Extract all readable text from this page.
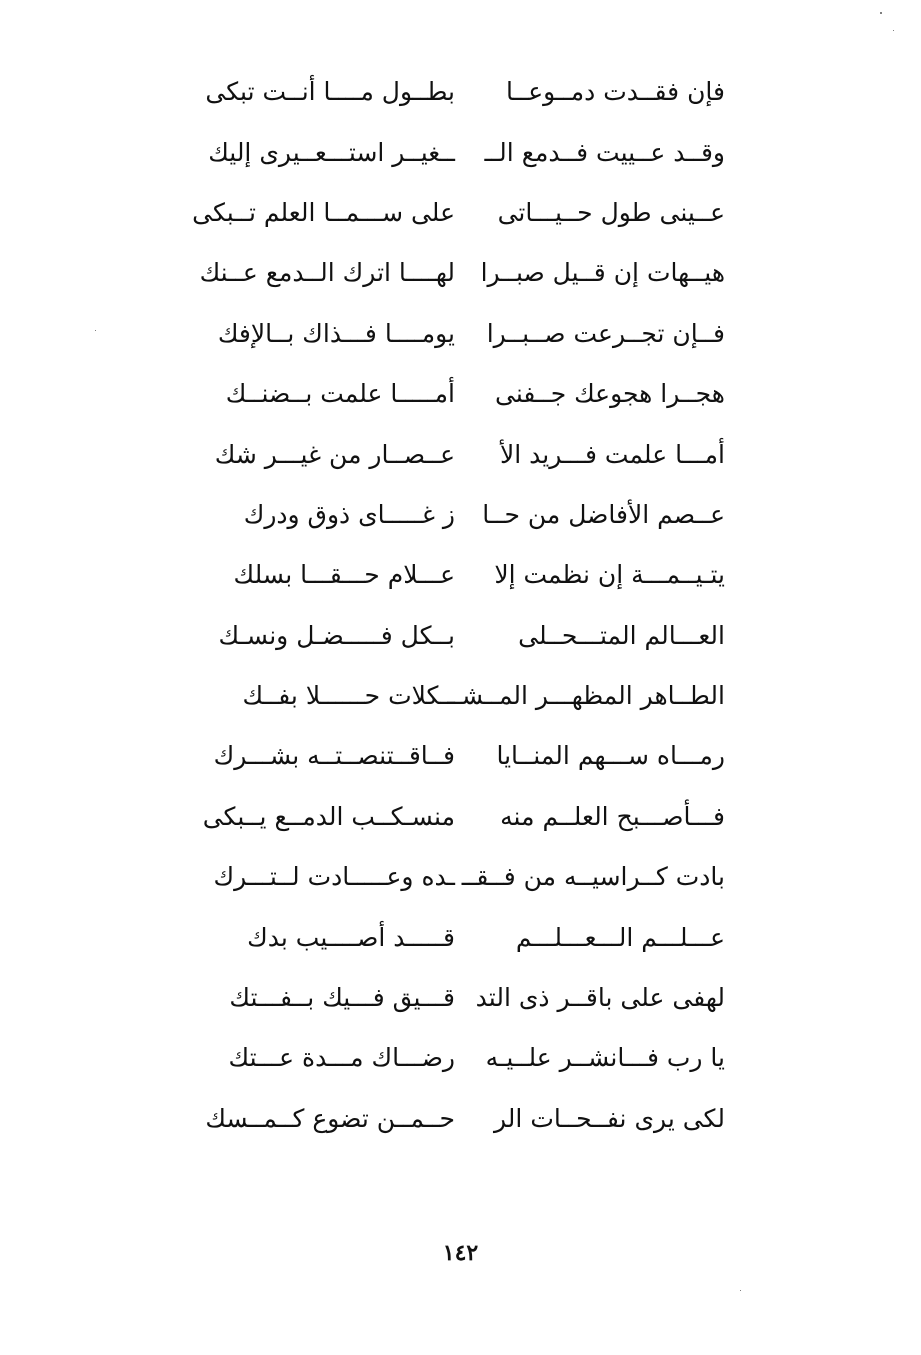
فإن فقــدت دمــوعــا
بطــول مــــا أنــت تبكى
وقــد عــييت فــدمع الــ
ــغيــر استـــعــيرى إليك
عــينى طول حــيـــاتى
على ســـمــا العلم تــبكى
هيــهات إن قــيل صبــرا
لهــــا اترك الــدمع عــنك
فــإن تجــرعت صــبــرا
يومــــا فـــذاك بــالإفك
هجــرا هجوعك جــفنى
أمـــــا علمت بــضنــك
أمـــا علمت فـــريد الأ
عــصــار من غيـــر شك
عــصم الأفاضل من حــا
ز غـــــاى ذوق ودرك
يتـيــمـــة إن نظمت إلا
عـــلام حـــقـــا بسلك
العـــالم المتـــحــلى
بــكل فـــــضـل ونسـك
الطــاهر المظهـــر المــشــ
ــكلات حــــــلا بفــك
رمـــاه ســـهم المنــايا
فــاقــتنصــتــه بشـــرك
فـــأصـــبح العلــم منه
منسـكــب الدمــع يــبكى
بادت كــراسيــه من فــقــ
ـده وعـــــادت لــتـــرك
عـــلـــم الـــعـــلـــم
قـــــد أصــــيب بدك
لهفى على باقــر ذى التد
قـــيق فـــيك بــفـــتك
يا رب فـــانشــر علــيـه
رضـــاك مـــدة عـــتك
لكى يرى نفــحــات الر
حــمــن تضوع كــمــسك
١٤٢
